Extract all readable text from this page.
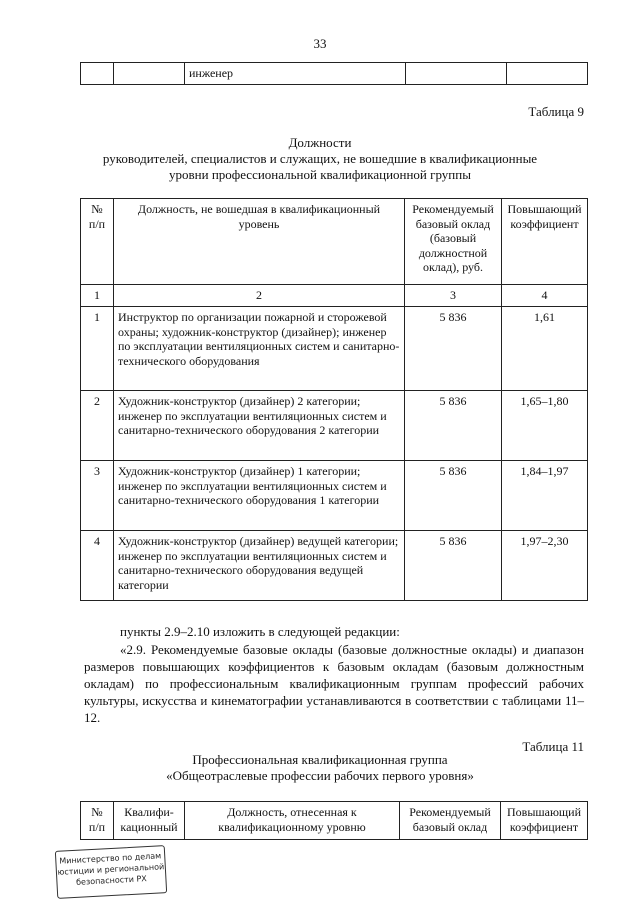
33
		инженер		
Таблица 9
Должности
руководителей, специалистов и служащих, не вошедшие в квалификационные
уровни профессиональной квалификационной группы
№ п/п	Должность, не вошедшая в квалификационный уровень	Рекомендуемый базовый оклад (базовый должностной оклад), руб.	Повышающий коэффициент
1	2	3	4
1	Инструктор по организации пожарной и сторожевой охраны; художник-конструктор (дизайнер); инженер по эксплуатации вентиляционных систем и санитарно-технического оборудования	5 836	1,61
2	Художник-конструктор (дизайнер) 2 категории; инженер по эксплуатации вентиляционных систем и санитарно-технического оборудования 2 категории	5 836	1,65–1,80
3	Художник-конструктор (дизайнер) 1 категории; инженер по эксплуатации вентиляционных систем и санитарно-технического оборудования 1 категории	5 836	1,84–1,97
4	Художник-конструктор (дизайнер) ведущей категории; инженер по эксплуатации вентиляционных систем и санитарно-технического оборудования ведущей категории	5 836	1,97–2,30
пункты 2.9–2.10 изложить в следующей редакции:
«2.9. Рекомендуемые базовые оклады (базовые должностные оклады) и диапазон размеров повышающих коэффициентов к базовым окладам (базовым должностным окладам) по профессиональным квалификационным группам профессий рабочих культуры, искусства и кинематографии устанавливаются в соответствии с таблицами 11– 12.
Таблица 11
Профессиональная квалификационная группа
«Общеотраслевые профессии рабочих первого уровня»
№ п/п	Квалифи-кационный	Должность, отнесенная к квалификационному уровню	Рекомендуемый базовый оклад	Повышающий коэффициент
Министерство по делам
юстиции и региональной
безопасности РХ
